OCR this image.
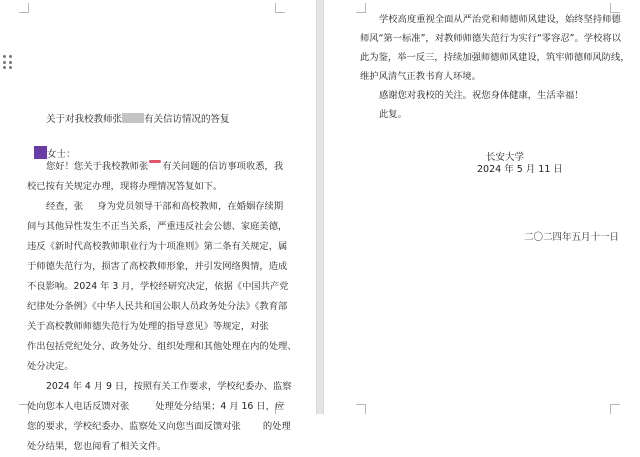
关于对我校教师张 有关信访情况的答复
女士：
您好！您关于我校教师张 有关问题的信访事项收悉，我
校已按有关规定办理，现将办理情况答复如下。
经查，张 身为党员领导干部和高校教师，在婚姻存续期
间与其他异性发生不正当关系，严重违反社会公德、家庭美德，
违反《新时代高校教师职业行为十项准则》第二条有关规定，属
于师德失范行为，损害了高校教师形象，并引发网络舆情，造成
不良影响。2024 年 3 月，学校经研究决定，依据《中国共产党
纪律处分条例》《中华人民共和国公职人员政务处分法》《教育部
关于高校教师师德失范行为处理的指导意见》等规定，对张
作出包括党纪处分、政务处分、组织处理和其他处理在内的处理、
处分决定。
2024 年 4 月 9 日，按照有关工作要求，学校纪委办、监察
处向您本人电话反馈对张	处理处分结果；4 月 16 日，应
您的要求，学校纪委办、监察处又向您当面反馈对张 的处理
处分结果，您也阅看了相关文件。
学校高度重视全面从严治党和师德师风建设，始终坚持师德
师风“第一标准”，对教师师德失范行为实行“零容忍”。学校将以
此为鉴，举一反三，持续加强师德师风建设，筑牢师德师风防线，
维护风清气正教书育人环境。
感谢您对我校的关注。祝您身体健康，生活幸福！
此复。
长安大学
2024 年 5 月 11 日
二〇二四年五月十一日
